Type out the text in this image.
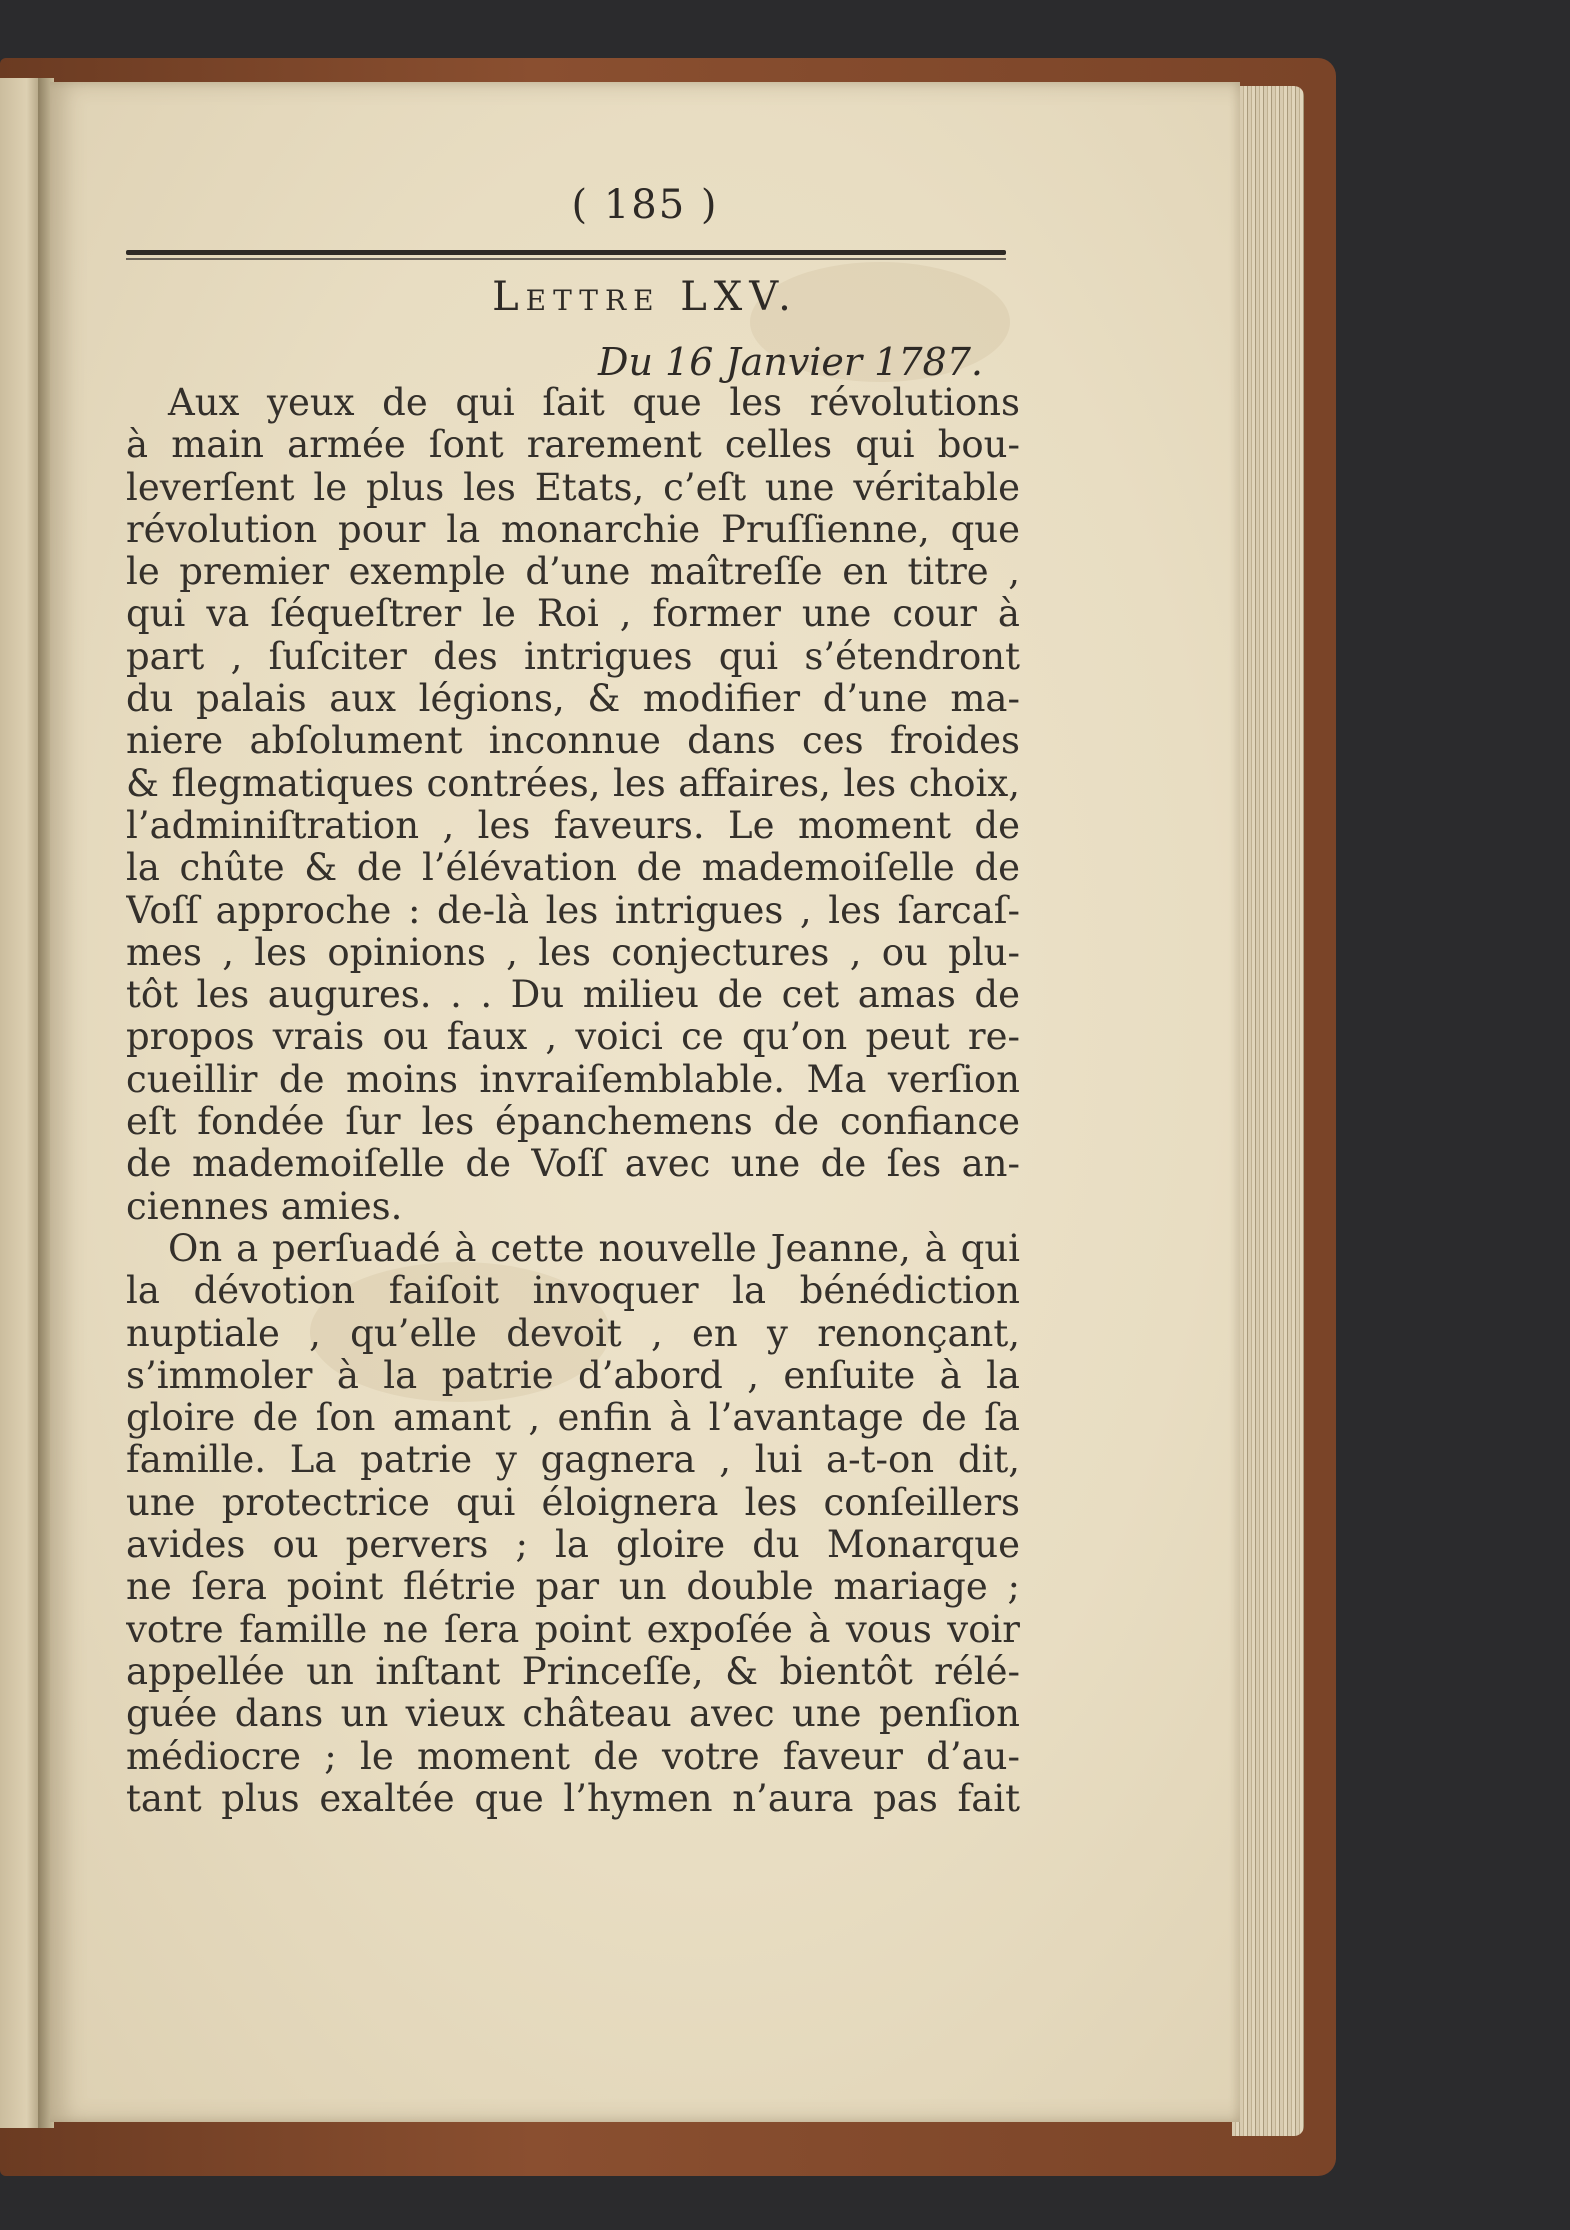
( 185 )
Lettre LXV.
Du 16 Janvier 1787.
Aux yeux de qui ſait que les révolutions
à main armée ſont rarement celles qui bou-
leverſent le plus les Etats, c’eſt une véritable
révolution pour la monarchie Pruſſienne, que
le premier exemple d’une maîtreſſe en titre ,
qui va ſéqueſtrer le Roi , former une cour à
part , ſuſciter des intrigues qui s’étendront
du palais aux légions, & modifier d’une ma-
niere abſolument inconnue dans ces froides
& flegmatiques contrées, les affaires, les choix,
l’adminiſtration , les faveurs. Le moment de
la chûte & de l’élévation de mademoiſelle de
Voſſ approche : de-là les intrigues , les ſarcaſ-
mes , les opinions , les conjectures , ou plu-
tôt les augures. . . Du milieu de cet amas de
propos vrais ou faux , voici ce qu’on peut re-
cueillir de moins invraiſemblable. Ma verſion
eſt fondée ſur les épanchemens de confiance
de mademoiſelle de Voſſ avec une de ſes an-
ciennes amies.
On a perſuadé à cette nouvelle Jeanne, à qui
la dévotion faiſoit invoquer la bénédiction
nuptiale , qu’elle devoit , en y renonçant,
s’immoler à la patrie d’abord , enſuite à la
gloire de ſon amant , enfin à l’avantage de ſa
famille. La patrie y gagnera , lui a-t-on dit,
une protectrice qui éloignera les conſeillers
avides ou pervers ; la gloire du Monarque
ne ſera point flétrie par un double mariage ;
votre famille ne ſera point expoſée à vous voir
appellée un inſtant Princeſſe, & bientôt rélé-
guée dans un vieux château avec une penſion
médiocre ; le moment de votre faveur d’au-
tant plus exaltée que l’hymen n’aura pas fait
